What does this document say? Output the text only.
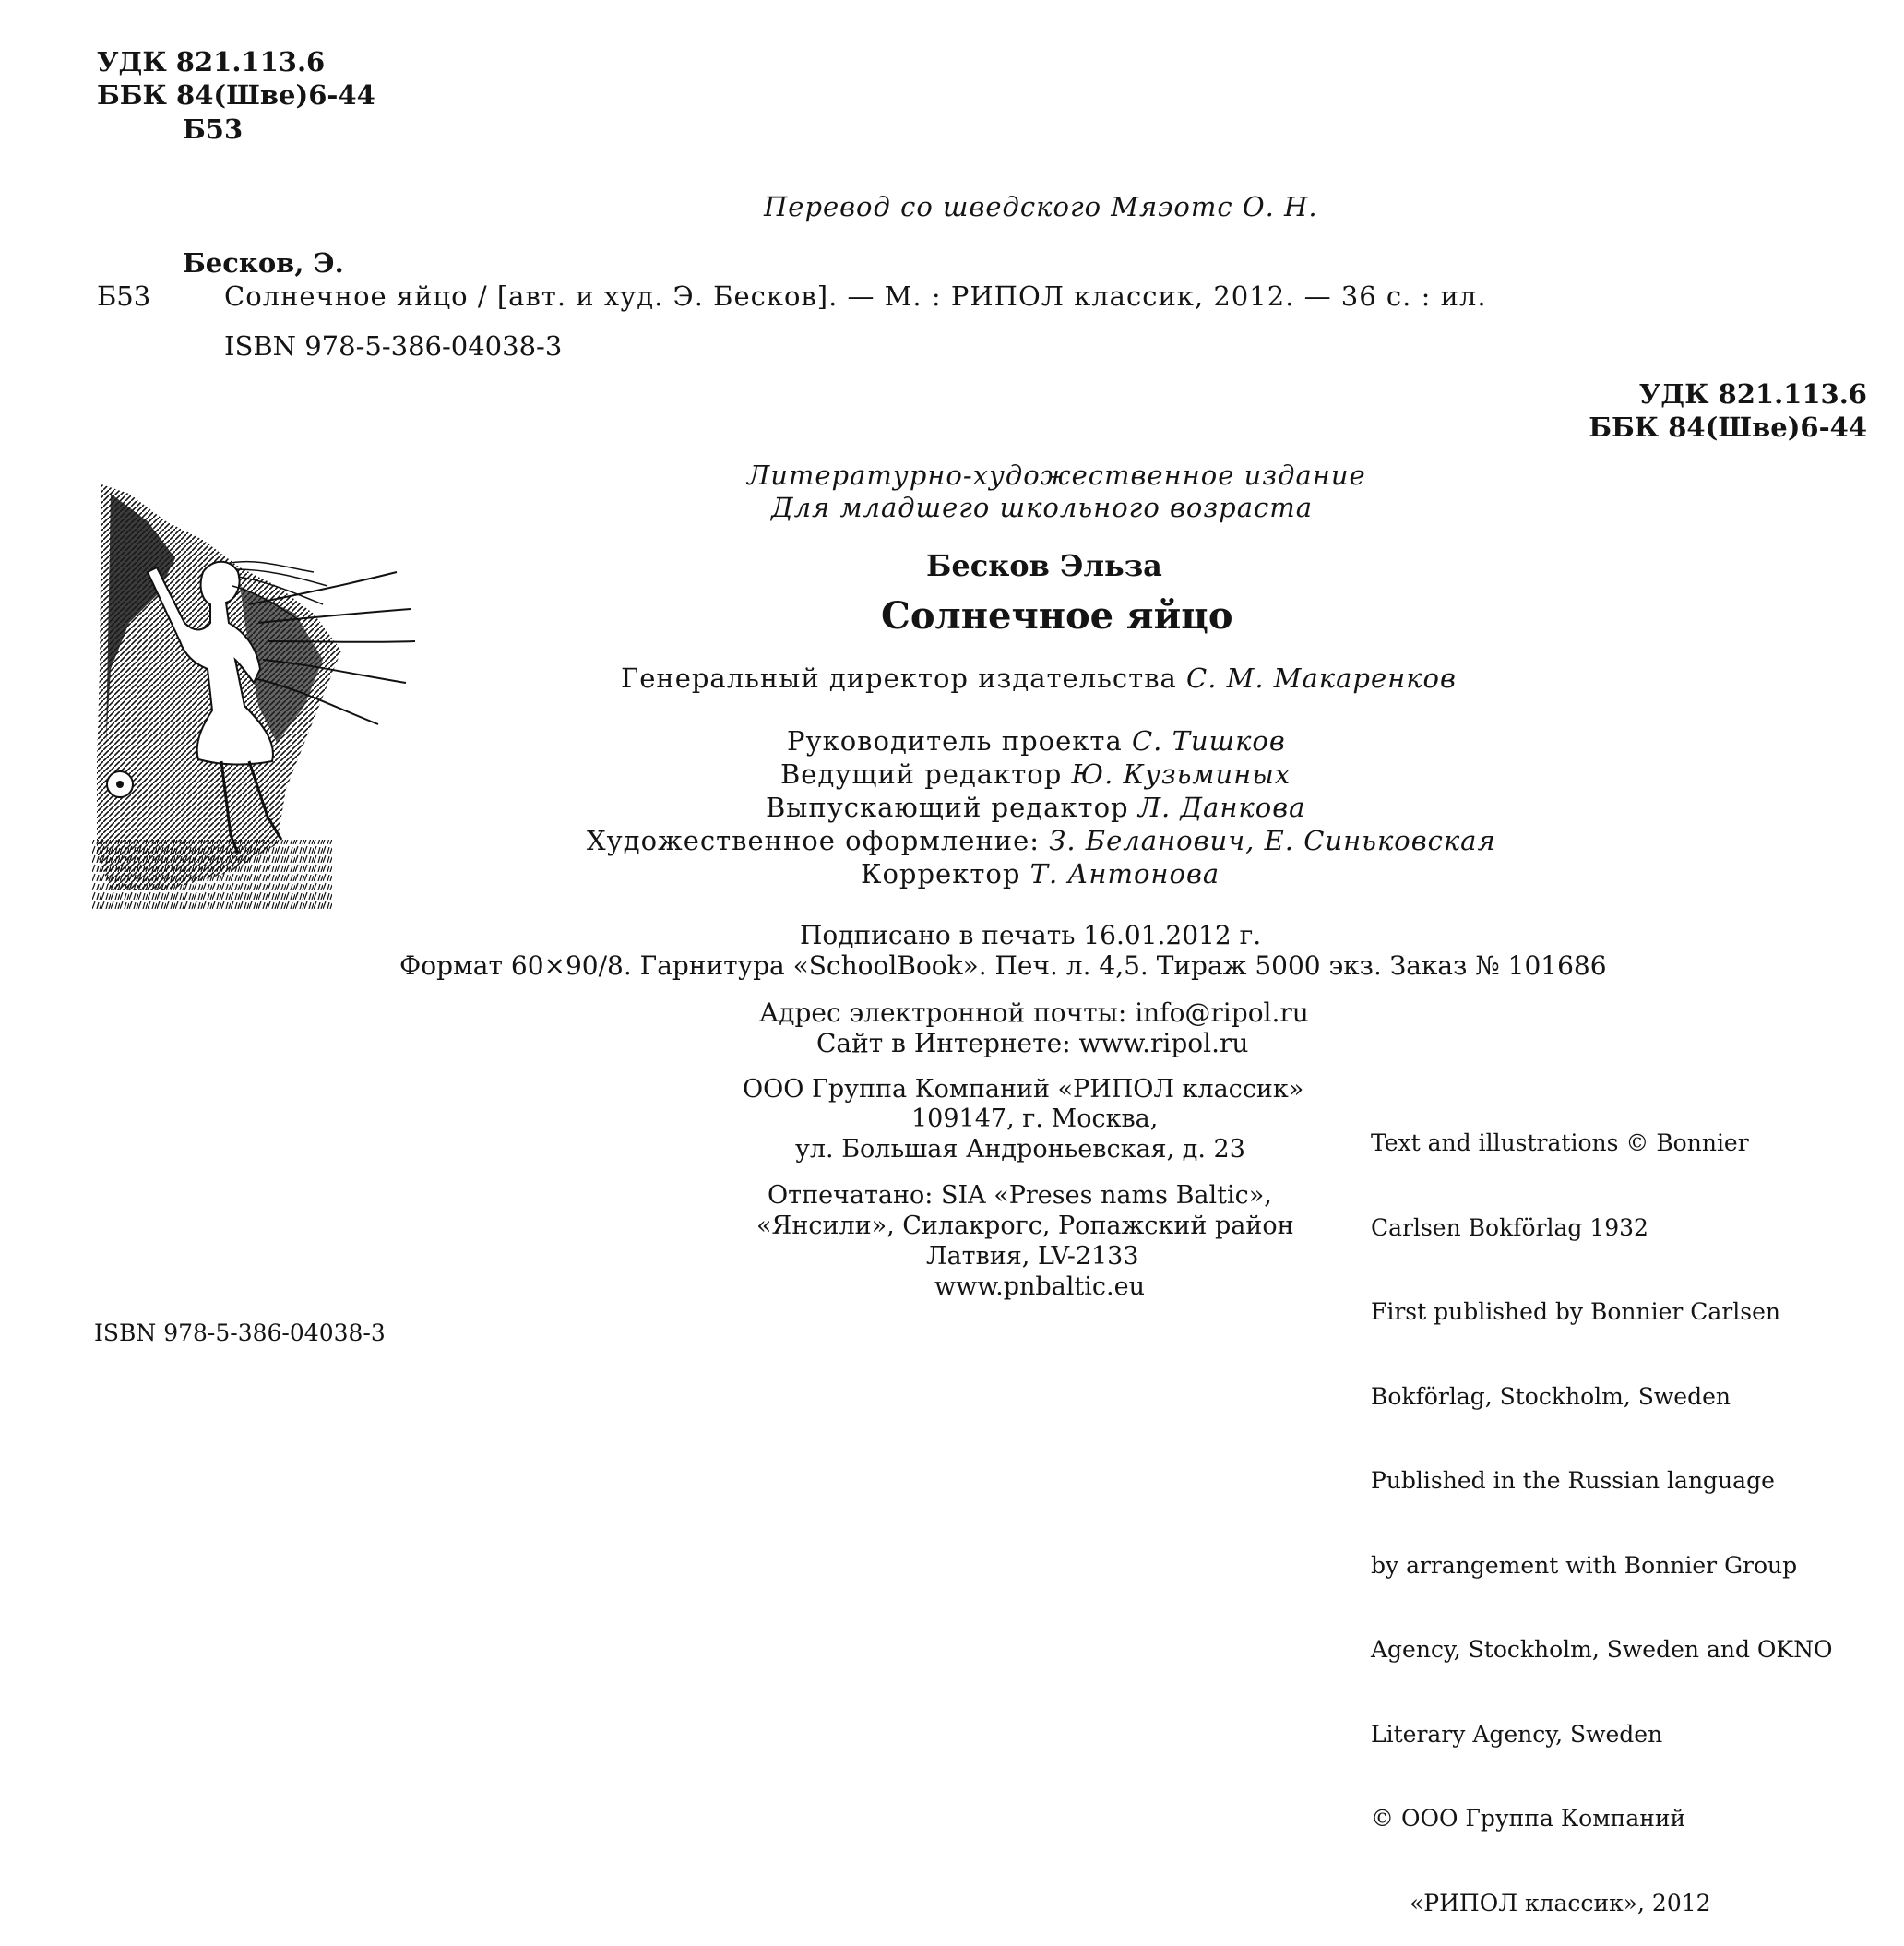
УДК 821.113.6
ББК 84(Шве)6-44
Б53
Перевод со шведского Мяэотс О. Н.
Бесков, Э.
Б53	Солнечное яйцо / [авт. и худ. Э. Бесков]. — М. : РИПОЛ классик, 2012. — 36 с. : ил.
ISBN 978-5-386-04038-3
УДК 821.113.6
ББК 84(Шве)6-44
Литературно-художественное издание
Для младшего школьного возраста
Бесков Эльза
Солнечное яйцо
Генеральный директор издательства С. М. Макаренков
Руководитель проекта С. Тишков
Ведущий редактор Ю. Кузьминых
Выпускающий редактор Л. Данкова
Художественное оформление: З. Беланович, Е. Синьковская
Корректор Т. Антонова
Подписано в печать 16.01.2012 г.
Формат 60×90/8. Гарнитура «SchoolBook». Печ. л. 4,5. Тираж 5000 экз. Заказ № 101686
Адрес электронной почты: info@ripol.ru
Сайт в Интернете: www.ripol.ru
ООО Группа Компаний «РИПОЛ классик»
109147, г. Москва,
ул. Большая Андроньевская, д. 23
Отпечатано: SIA «Preses nams Baltic»,
«Янсили», Силакрогс, Ропажский район
Латвия, LV-2133
www.pnbaltic.eu

Text and illustrations © Bonnier

Carlsen Bokförlag 1932

First published by Bonnier Carlsen

Bokförlag, Stockholm, Sweden

Published in the Russian language

by arrangement with Bonnier Group

Agency, Stockholm, Sweden and OKNO

Literary Agency, Sweden

© ООО Группа Компаний

«РИПОЛ классик», 2012

ISBN 978-5-386-04038-3
